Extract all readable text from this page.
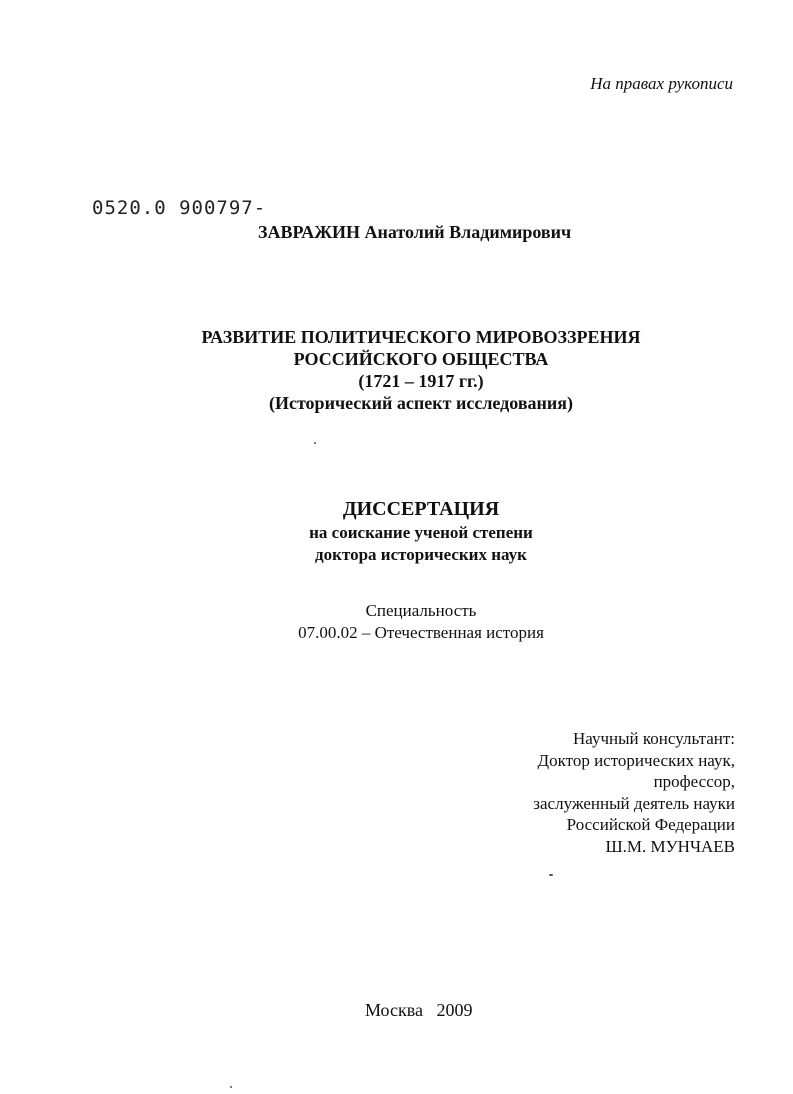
На правах рукописи
0520.0 900797-
ЗАВРАЖИН Анатолий Владимирович
РАЗВИТИЕ ПОЛИТИЧЕСКОГО МИРОВОЗЗРЕНИЯ
РОССИЙСКОГО ОБЩЕСТВА
(1721 – 1917 гг.)
(Исторический аспект исследования)
ДИССЕРТАЦИЯ
на соискание ученой степени
доктора исторических наук
Специальность
07.00.02 – Отечественная история
Научный консультант:
Доктор исторических наук,
профессор,
заслуженный деятель науки
Российской Федерации
Ш.М. МУНЧАЕВ
Москва 2009
